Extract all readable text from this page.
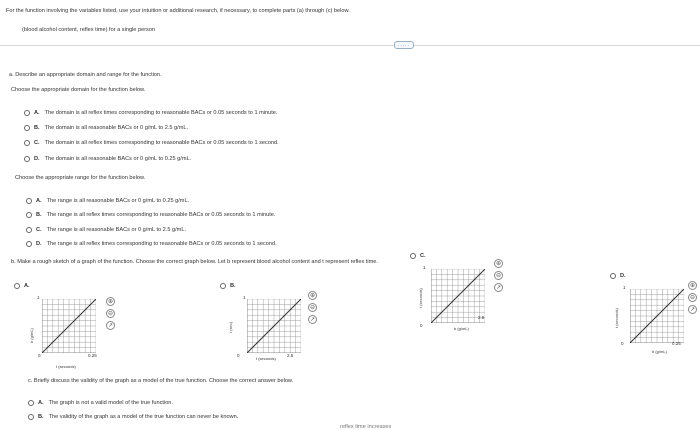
For the function involving the variables listed, use your intuition or additional research, if necessary, to complete parts (a) through (c) below.
(blood alcohol content, reflex time) for a single person
.....
a. Describe an appropriate domain and range for the function.
Choose the appropriate domain for the function below.
A. The domain is all reflex times corresponding to reasonable BACs or 0.05 seconds to 1 minute.
B. The domain is all reasonable BACs or 0 g/mL to 2.5 g/mL.
C. The domain is all reflex times corresponding to reasonable BACs or 0.05 seconds to 1 second.
D. The domain is all reasonable BACs or 0 g/mL to 0.25 g/mL.
Choose the appropriate range for the function below.
A. The range is all reasonable BACs or 0 g/mL to 0.25 g/mL.
B. The range is all reflex times corresponding to reasonable BACs or 0.05 seconds to 1 minute.
C. The range is all reasonable BACs or 0 g/mL to 2.5 g/mL.
D. The range is all reflex times corresponding to reasonable BACs or 0.05 seconds to 1 second.
b. Make a rough sketch of a graph of the function. Choose the correct graph below. Let b represent blood alcohol content and t represent reflex time.
A.
1
b (g/mL)
0	0.25
t (seconds)
⊕
⊖
↗
B.
1
t (sec)
0	2.5
t (seconds)
⊕
⊖
↗
C.
1
t (seconds)
0
2.5
b (g/mL)
⊕
⊖
↗
D.
1
t (seconds)
0	0.25
b (g/mL)
⊕
⊖
↗
c. Briefly discuss the validity of the graph as a model of the true function. Choose the correct answer below.
A. The graph is not a valid model of the true function.
B. The validity of the graph as a model of the true function can never be known.
reflex time increases
